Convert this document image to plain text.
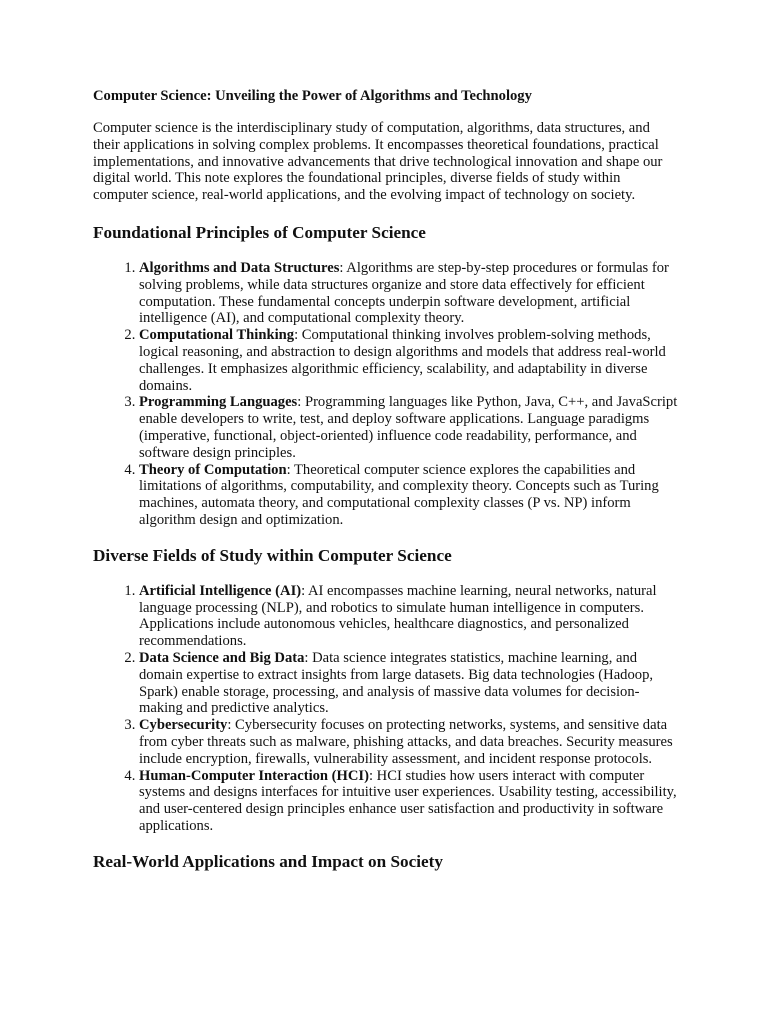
Computer Science: Unveiling the Power of Algorithms and Technology

Computer science is the interdisciplinary study of computation, algorithms, data structures, and their applications in solving complex problems. It encompasses theoretical foundations, practical implementations, and innovative advancements that drive technological innovation and shape our digital world. This note explores the foundational principles, diverse fields of study within computer science, real-world applications, and the evolving impact of technology on society.

Foundational Principles of Computer Science
1. Algorithms and Data Structures: Algorithms are step-by-step procedures or formulas for solving problems, while data structures organize and store data effectively for efficient computation. These fundamental concepts underpin software development, artificial intelligence (AI), and computational complexity theory.
2. Computational Thinking: Computational thinking involves problem-solving methods, logical reasoning, and abstraction to design algorithms and models that address real-world challenges. It emphasizes algorithmic efficiency, scalability, and adaptability in diverse domains.
3. Programming Languages: Programming languages like Python, Java, C++, and JavaScript enable developers to write, test, and deploy software applications. Language paradigms (imperative, functional, object-oriented) influence code readability, performance, and software design principles.
4. Theory of Computation: Theoretical computer science explores the capabilities and limitations of algorithms, computability, and complexity theory. Concepts such as Turing machines, automata theory, and computational complexity classes (P vs. NP) inform algorithm design and optimization.
Diverse Fields of Study within Computer Science
1. Artificial Intelligence (AI): AI encompasses machine learning, neural networks, natural language processing (NLP), and robotics to simulate human intelligence in computers. Applications include autonomous vehicles, healthcare diagnostics, and personalized recommendations.
2. Data Science and Big Data: Data science integrates statistics, machine learning, and domain expertise to extract insights from large datasets. Big data technologies (Hadoop, Spark) enable storage, processing, and analysis of massive data volumes for decision-making and predictive analytics.
3. Cybersecurity: Cybersecurity focuses on protecting networks, systems, and sensitive data from cyber threats such as malware, phishing attacks, and data breaches. Security measures include encryption, firewalls, vulnerability assessment, and incident response protocols.
4. Human-Computer Interaction (HCI): HCI studies how users interact with computer systems and designs interfaces for intuitive user experiences. Usability testing, accessibility, and user-centered design principles enhance user satisfaction and productivity in software applications.
Real-World Applications and Impact on Society
